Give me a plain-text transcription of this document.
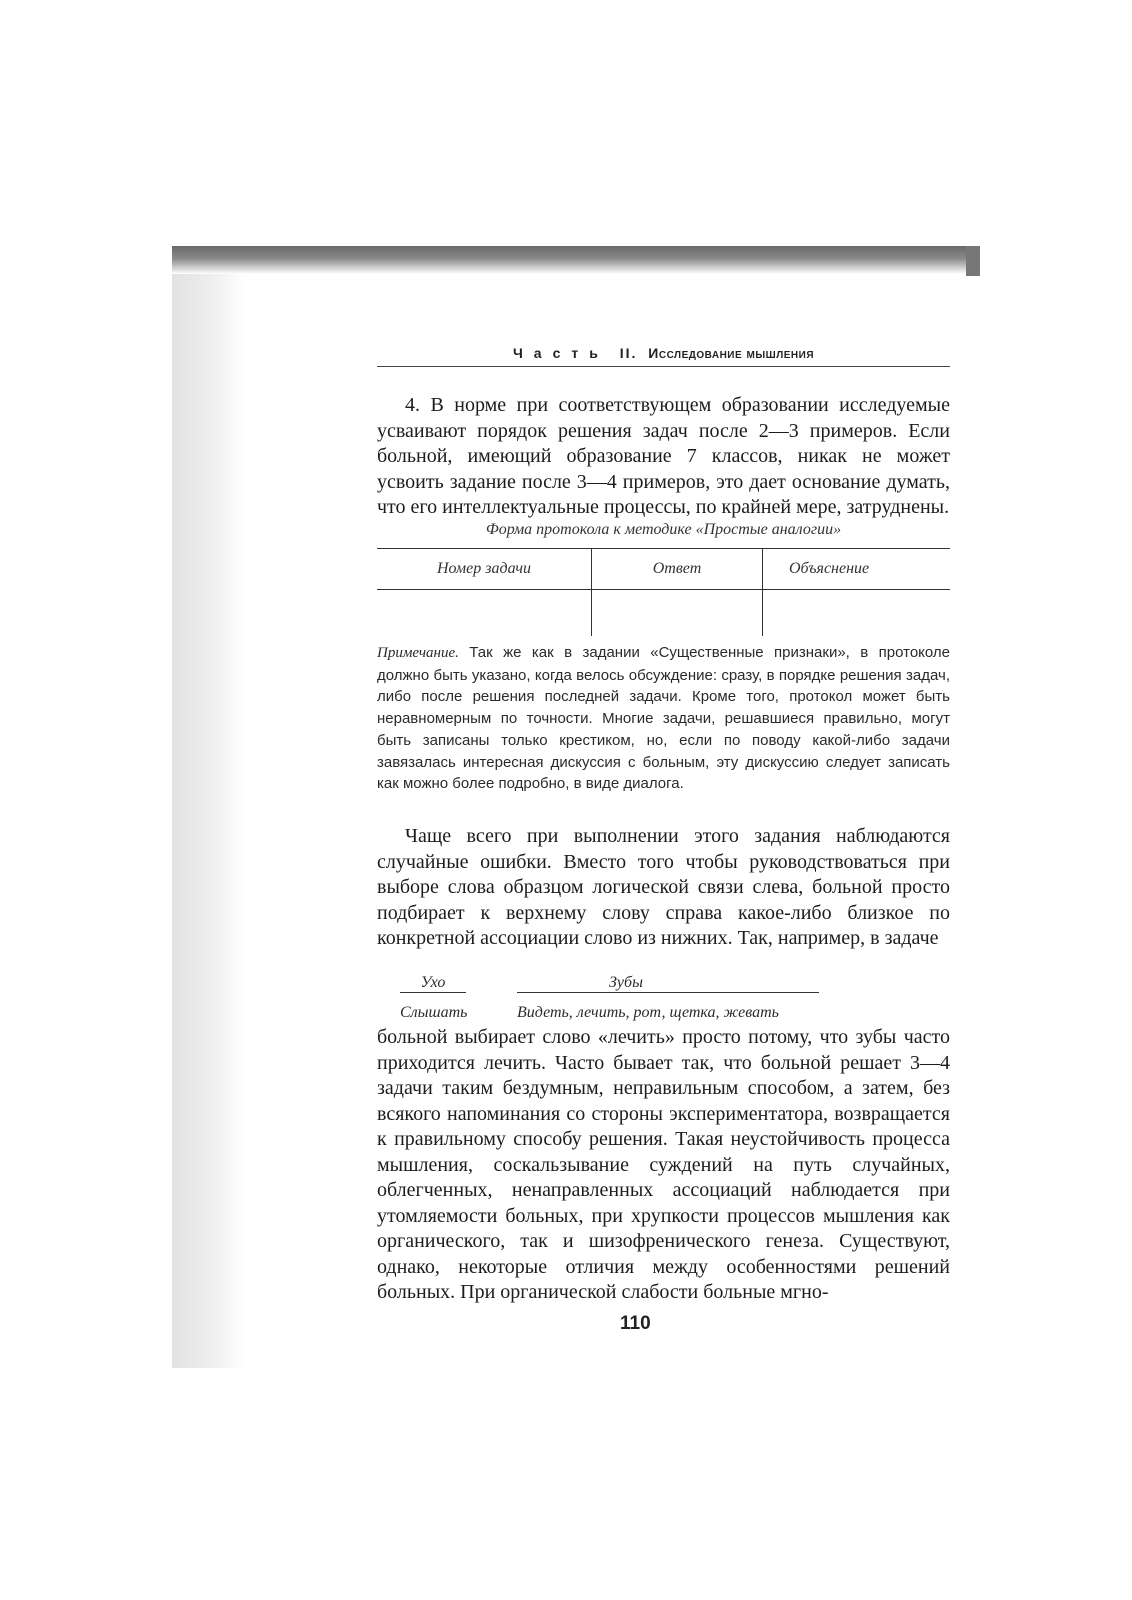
Часть II. Исследование мышления

4. В норме при соответствующем образовании исследуемые усваивают порядок решения задач после 2—3 примеров. Если больной, имеющий образование 7 классов, никак не может усвоить задание после 3—4 примеров, это дает основание думать, что его интеллектуальные процессы, по крайней мере, затруднены.

Форма протокола к методике «Простые аналогии»
Номер задачи	Ответ	Объяснение

Примечание. Так же как в задании «Существенные признаки», в протоколе должно быть указано, когда велось обсуждение: сразу, в порядке решения задач, либо после решения последней задачи. Кроме того, протокол может быть неравномерным по точности. Многие задачи, решавшиеся правильно, могут быть записаны только крестиком, но, если по поводу какой-либо задачи завязалась интересная дискуссия с больным, эту дискуссию следует записать как можно более подробно, в виде диалога.

Чаще всего при выполнении этого задания наблюдаются случайные ошибки. Вместо того чтобы руководствоваться при выборе слова образцом логической связи слева, больной просто подбирает к верхнему слову справа какое-либо близкое по конкретной ассоциации слово из нижних. Так, например, в задаче

Ухо	Зубы
Слышать	Видеть, лечить, рот, щетка, жевать

больной выбирает слово «лечить» просто потому, что зубы часто приходится лечить. Часто бывает так, что больной решает 3—4 задачи таким бездумным, неправильным способом, а затем, без всякого напоминания со стороны экспериментатора, возвращается к правильному способу решения. Такая неустойчивость процесса мышления, соскальзывание суждений на путь случайных, облегченных, ненаправленных ассоциаций наблюдается при утомляемости больных, при хрупкости процессов мышления как органического, так и шизофренического генеза. Существуют, однако, некоторые отличия между особенностями решений больных. При органической слабости больные мгно-

110
